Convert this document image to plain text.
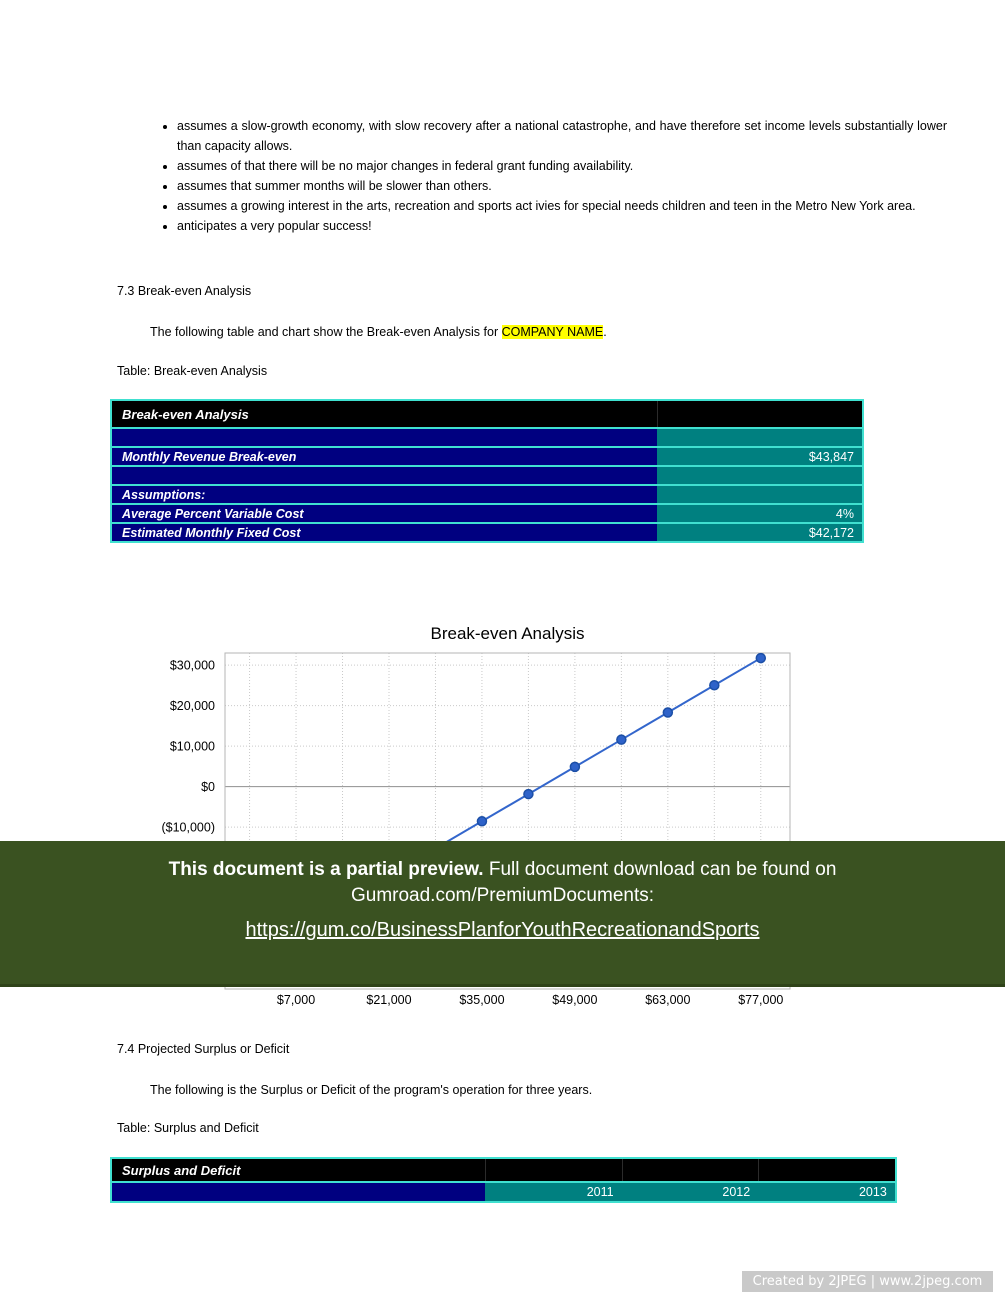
• assumes a slow-growth economy, with slow recovery after a national catastrophe, and have therefore set income levels substantially lower than capacity allows.
• assumes of that there will be no major changes in federal grant funding availability.
• assumes that summer months will be slower than others.
• assumes a growing interest in the arts, recreation and sports act ivies for special needs children and teen in the Metro New York area.
• anticipates a very popular success!
7.3 Break-even Analysis

The following table and chart show the Break-even Analysis for COMPANY NAME.

Table: Break-even Analysis
Break-even Analysis
Monthly Revenue Break-even	$43,847
Assumptions:
Average Percent Variable Cost	4%
Estimated Monthly Fixed Cost	$42,172
Break-even Analysis
$30,000
$20,000
$10,000
$0
($10,000)
$7,000	$21,000	$35,000	$49,000	$63,000	$77,000
This document is a partial preview. Full document download can be found on
Gumroad.com/PremiumDocuments:
https://gum.co/BusinessPlanforYouthRecreationandSports
7.4 Projected Surplus or Deficit

The following is the Surplus or Deficit of the program's operation for three years.

Table: Surplus and Deficit
Surplus and Deficit
2011	2012	2013
Created by 2JPEG | www.2jpeg.com
